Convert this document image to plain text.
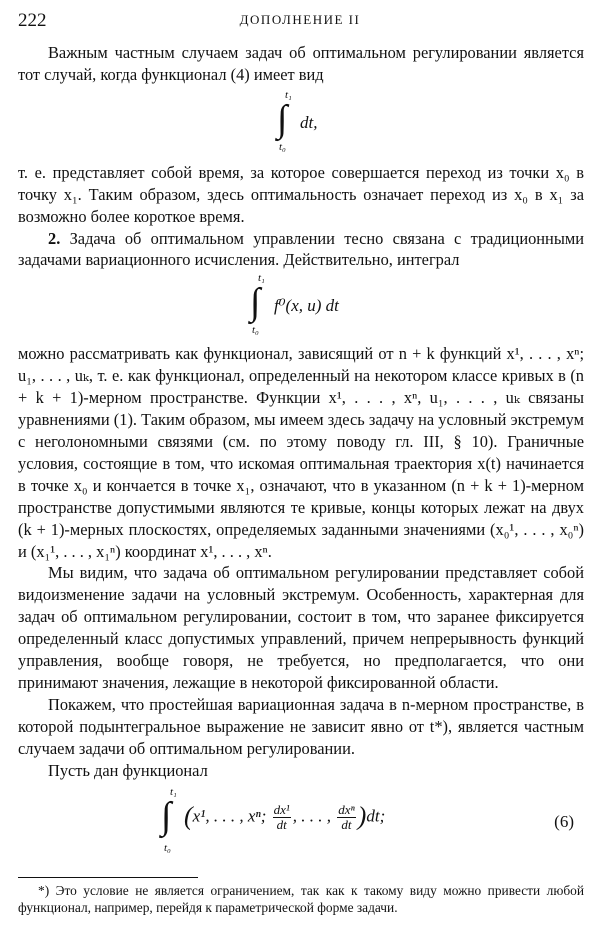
222	ДОПОЛНЕНИЕ II

Важным частным случаем задач об оптимальном регулировании является тот случай, когда функционал (4) имеет вид

t₁
∫
t₀
dt,

т. е. представляет собой время, за которое совершается переход из точки x₀ в точку x₁. Таким образом, здесь оптимальность означает переход из x₀ в x₁ за возможно более короткое время.

2. Задача об оптимальном управлении тесно связана с традиционными задачами вариационного исчисления. Действительно, интеграл

t₁
∫
t₀
f⁰(x, u) dt

можно рассматривать как функционал, зависящий от n + k функций x¹, . . . , xⁿ; u₁, . . . , uₖ, т. е. как функционал, определенный на некотором классе кривых в (n + k + 1)-мерном пространстве. Функции x¹, . . . , xⁿ, u₁, . . . , uₖ связаны уравнениями (1). Таким образом, мы имеем здесь задачу на условный экстремум с неголономными связями (см. по этому поводу гл. III, § 10). Граничные условия, состоящие в том, что искомая оптимальная траектория x(t) начинается в точке x₀ и кончается в точке x₁, означают, что в указанном (n + k + 1)-мерном пространстве допустимыми являются те кривые, концы которых лежат на двух (k + 1)-мерных плоскостях, определяемых заданными значениями (x₀¹, . . . , x₀ⁿ) и (x₁¹, . . . , x₁ⁿ) координат x¹, . . . , xⁿ.

Мы видим, что задача об оптимальном регулировании представляет собой видоизменение задачи на условный экстремум. Особенность, характерная для задач об оптимальном регулировании, состоит в том, что заранее фиксируется определенный класс допустимых управлений, причем непрерывность функций управления, вообще говоря, не требуется, но предполагается, что они принимают значения, лежащие в некоторой фиксированной области.

Покажем, что простейшая вариационная задача в n-мерном пространстве, в которой подынтегральное выражение не зависит явно от t*), является частным случаем задачи об оптимальном регулировании.

Пусть дан функционал

t₁
∫
t₀
(x¹, . . . , xⁿ; $\frac{\text{dx¹}}{dt}$ , . . . , $\frac{\text{dxⁿ}}{dt} )dt$;	(6)

*) Это условие не является ограничением, так как к такому виду можно привести любой функционал, например, перейдя к параметрической форме задачи.
